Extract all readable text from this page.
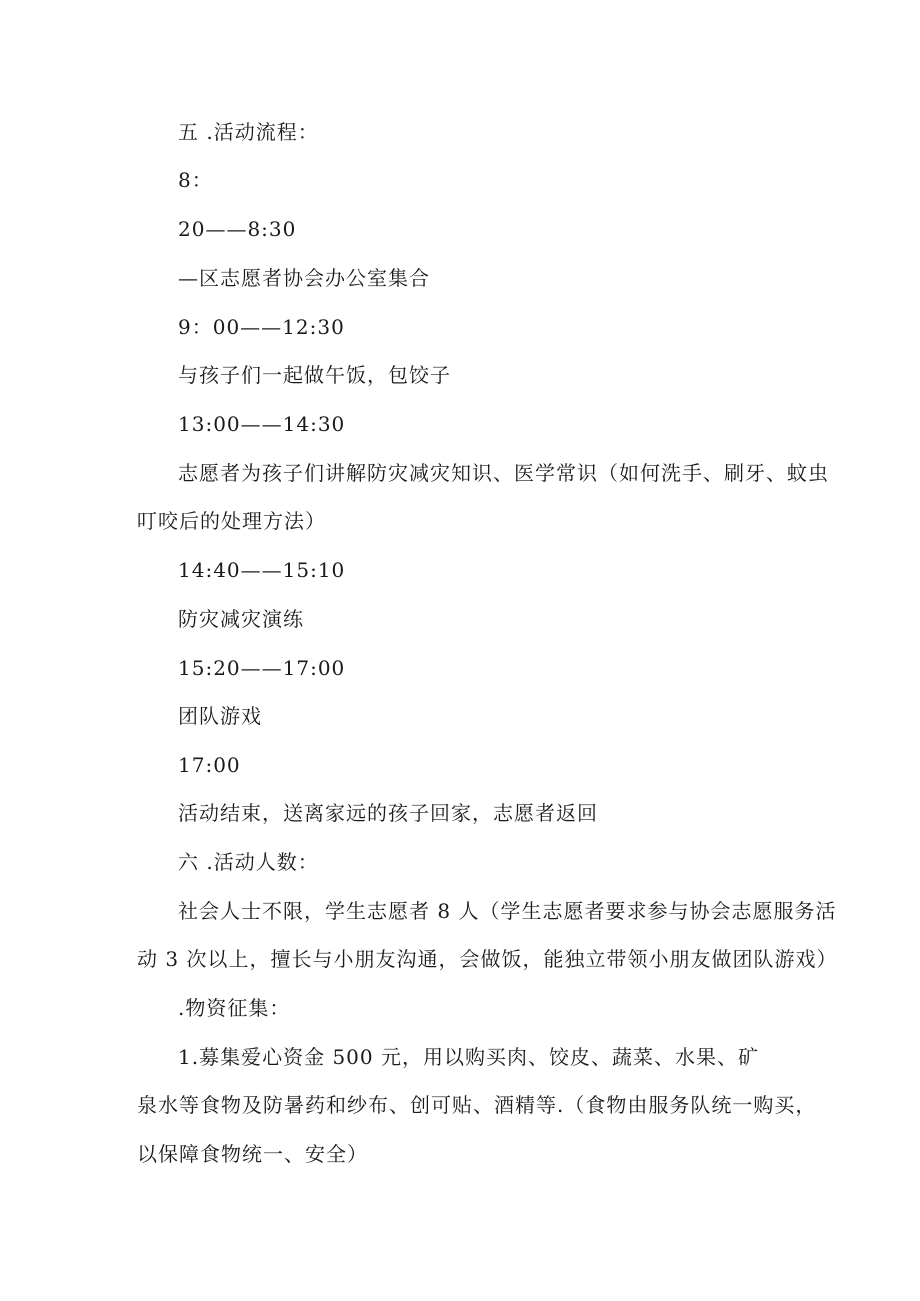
五 .活动流程：
8：
20——8:30
—区志愿者协会办公室集合
9：00——12:30
与孩子们一起做午饭，包饺子
13:00——14:30
志愿者为孩子们讲解防灾减灾知识、医学常识（如何洗手、刷牙、蚊虫
叮咬后的处理方法）
14:40——15:10
防灾减灾演练
15:20——17:00
团队游戏
17:00
活动结束，送离家远的孩子回家，志愿者返回
六 .活动人数：
社会人士不限，学生志愿者 8 人（学生志愿者要求参与协会志愿服务活
动 3 次以上，擅长与小朋友沟通，会做饭，能独立带领小朋友做团队游戏）
.物资征集：
1.募集爱心资金 500 元，用以购买肉、饺皮、蔬菜、水果、矿
泉水等食物及防暑药和纱布、创可贴、酒精等.（食物由服务队统一购买，
以保障食物统一、安全）
